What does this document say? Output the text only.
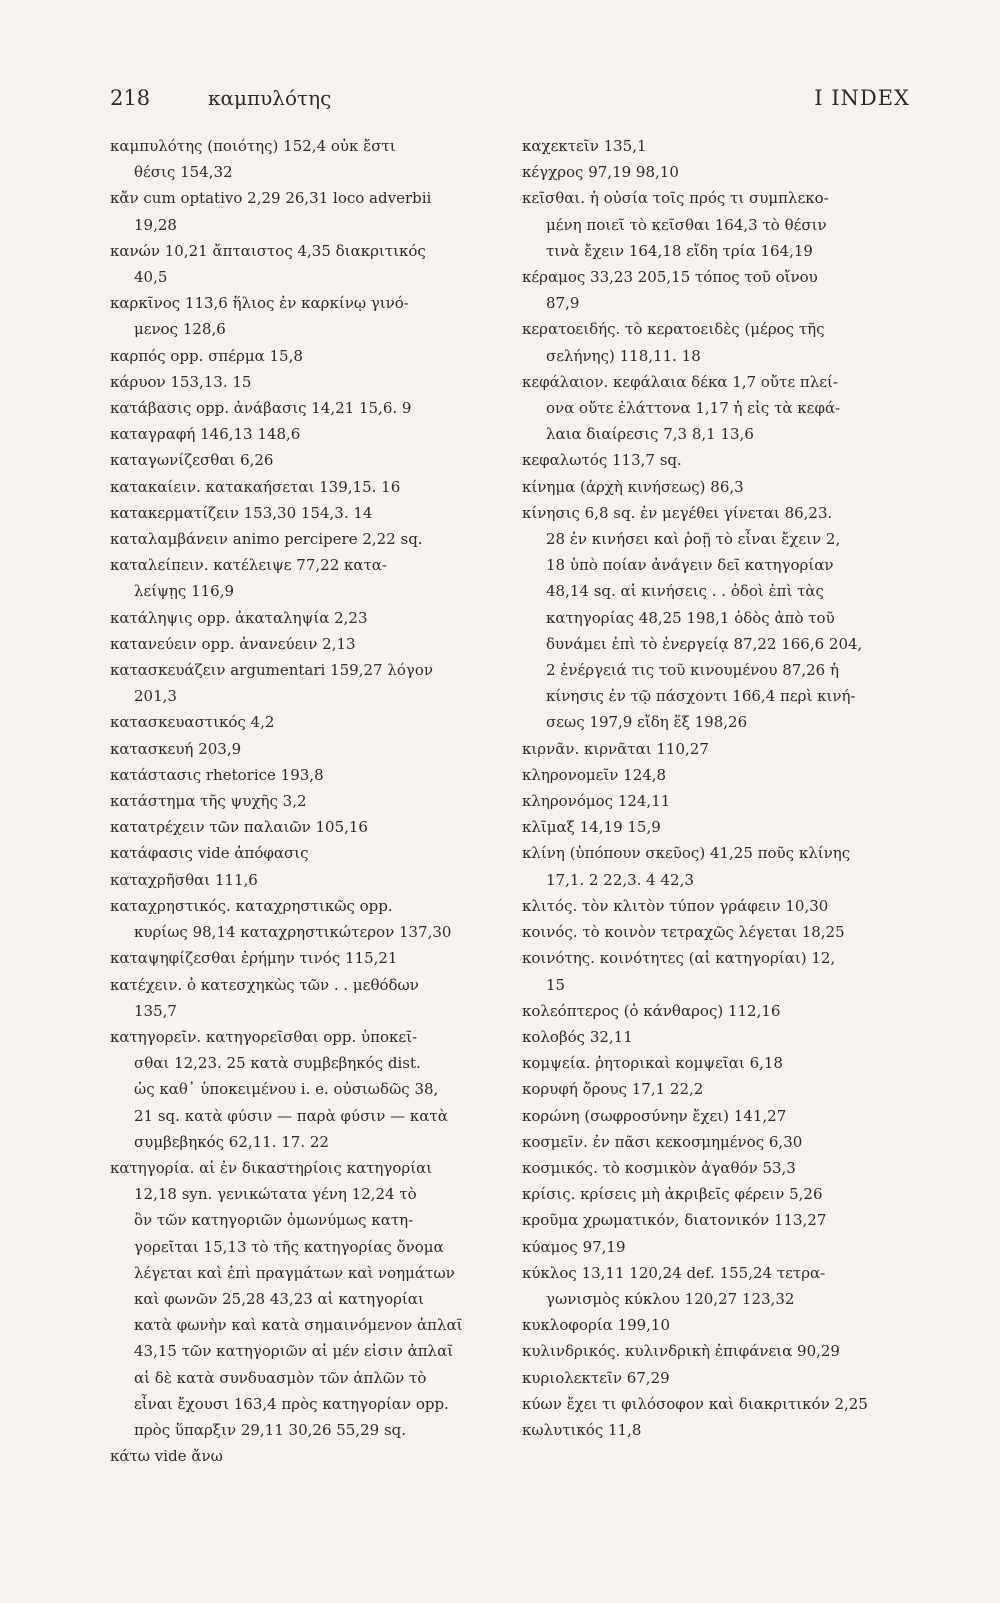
218	καμπυλότης	I INDEX

καμπυλότης (ποιότης) 152,4 οὐκ ἔστι
θέσις 154,32

κἄν cum optativo 2,29 26,31 loco adverbii
19,28

κανών 10,21 ἄπταιστος 4,35 διακριτικός
40,5

καρκῖνος 113,6 ἥλιος ἐν καρκίνῳ γινό-
μενος 128,6

καρπός opp. σπέρμα 15,8

κάρυον 153,13. 15

κατάβασις opp. ἀνάβασις 14,21 15,6. 9

καταγραφή 146,13 148,6

καταγωνίζεσθαι 6,26

κατακαίειν. κατακαήσεται 139,15. 16

κατακερματίζειν 153,30 154,3. 14

καταλαμβάνειν animo percipere 2,22 sq.

καταλείπειν. κατέλειψε 77,22 κατα-
λείψῃς 116,9

κατάληψις opp. ἀκαταληψία 2,23

κατανεύειν opp. ἀνανεύειν 2,13

κατασκευάζειν argumentari 159,27 λόγον
201,3

κατασκευαστικός 4,2

κατασκευή 203,9

κατάστασις rhetorice 193,8

κατάστημα τῆς ψυχῆς 3,2

κατατρέχειν τῶν παλαιῶν 105,16

κατάφασις vide ἀπόφασις

καταχρῆσθαι 111,6

καταχρηστικός. καταχρηστικῶς opp.
κυρίως 98,14 καταχρηστικώτερον 137,30

καταψηφίζεσθαι ἐρήμην τινός 115,21

κατέχειν. ὁ κατεσχηκὼς τῶν . . μεθόδων
135,7

κατηγορεῖν. κατηγορεῖσθαι opp. ὑποκεῖ-
σθαι 12,23. 25 κατὰ συμβεβηκός dist.
ὡς καθ᾿ ὑποκειμένου i. e. οὐσιωδῶς 38,
21 sq. κατὰ φύσιν — παρὰ φύσιν — κατὰ
συμβεβηκός 62,11. 17. 22

κατηγορία. αἱ ἐν δικαστηρίοις κατηγορίαι
12,18 syn. γενικώτατα γένη 12,24 τὸ
ὂν τῶν κατηγοριῶν ὁμωνύμως κατη-
γορεῖται 15,13 τὸ τῆς κατηγορίας ὄνομα
λέγεται καὶ ἐπὶ πραγμάτων καὶ νοημάτων
καὶ φωνῶν 25,28 43,23 αἱ κατηγορίαι
κατὰ φωνὴν καὶ κατὰ σημαινόμενον ἁπλαῖ
43,15 τῶν κατηγοριῶν αἱ μέν εἰσιν ἁπλαῖ
αἱ δὲ κατὰ συνδυασμὸν τῶν ἁπλῶν τὸ
εἶναι ἔχουσι 163,4 πρὸς κατηγορίαν opp.
πρὸς ὕπαρξιν 29,11 30,26 55,29 sq.

κάτω vide ἄνω

καχεκτεῖν 135,1

κέγχρος 97,19 98,10

κεῖσθαι. ἡ οὐσία τοῖς πρός τι συμπλεκο-
μένη ποιεῖ τὸ κεῖσθαι 164,3 τὸ θέσιν
τινὰ ἔχειν 164,18 εἴδη τρία 164,19

κέραμος 33,23 205,15 τόπος τοῦ οἴνου
87,9

κερατοειδής. τὸ κερατοειδὲς (μέρος τῆς
σελήνης) 118,11. 18

κεφάλαιον. κεφάλαια δέκα 1,7 οὔτε πλεί-
ονα οὔτε ἐλάττονα 1,17 ἡ εἰς τὰ κεφά-
λαια διαίρεσις 7,3 8,1 13,6

κεφαλωτός 113,7 sq.

κίνημα (ἀρχὴ κινήσεως) 86,3

κίνησις 6,8 sq. ἐν μεγέθει γίνεται 86,23.
28 ἐν κινήσει καὶ ῥοῇ τὸ εἶναι ἔχειν 2,
18 ὑπὸ ποίαν ἀνάγειν δεῖ κατηγορίαν
48,14 sq. αἱ κινήσεις . . ὁδοὶ ἐπὶ τὰς
κατηγορίας 48,25 198,1 ὁδὸς ἀπὸ τοῦ
δυνάμει ἐπὶ τὸ ἐνεργείᾳ 87,22 166,6 204,
2 ἐνέργειά τις τοῦ κινουμένου 87,26 ἡ
κίνησις ἐν τῷ πάσχοντι 166,4 περὶ κινή-
σεως 197,9 εἴδη ἕξ 198,26

κιρνᾶν. κιρνᾶται 110,27

κληρονομεῖν 124,8

κληρονόμος 124,11

κλῖμαξ 14,19 15,9

κλίνη (ὑπόπουν σκεῦος) 41,25 ποῦς κλίνης
17,1. 2 22,3. 4 42,3

κλιτός. τὸν κλιτὸν τύπον γράφειν 10,30

κοινός. τὸ κοινὸν τετραχῶς λέγεται 18,25

κοινότης. κοινότητες (αἱ κατηγορίαι) 12,
15

κολεόπτερος (ὁ κάνθαρος) 112,16

κολοβός 32,11

κομψεία. ῥητορικαὶ κομψεῖαι 6,18

κορυφή ὄρους 17,1 22,2

κορώνη (σωφροσύνην ἔχει) 141,27

κοσμεῖν. ἐν πᾶσι κεκοσμημένος 6,30

κοσμικός. τὸ κοσμικὸν ἀγαθόν 53,3

κρίσις. κρίσεις μὴ ἀκριβεῖς φέρειν 5,26

κροῦμα χρωματικόν, διατονικόν 113,27

κύαμος 97,19

κύκλος 13,11 120,24 def. 155,24 τετρα-
γωνισμὸς κύκλου 120,27 123,32

κυκλοφορία 199,10

κυλινδρικός. κυλινδρικὴ ἐπιφάνεια 90,29

κυριολεκτεῖν 67,29

κύων ἔχει τι φιλόσοφον καὶ διακριτικόν 2,25

κωλυτικός 11,8
